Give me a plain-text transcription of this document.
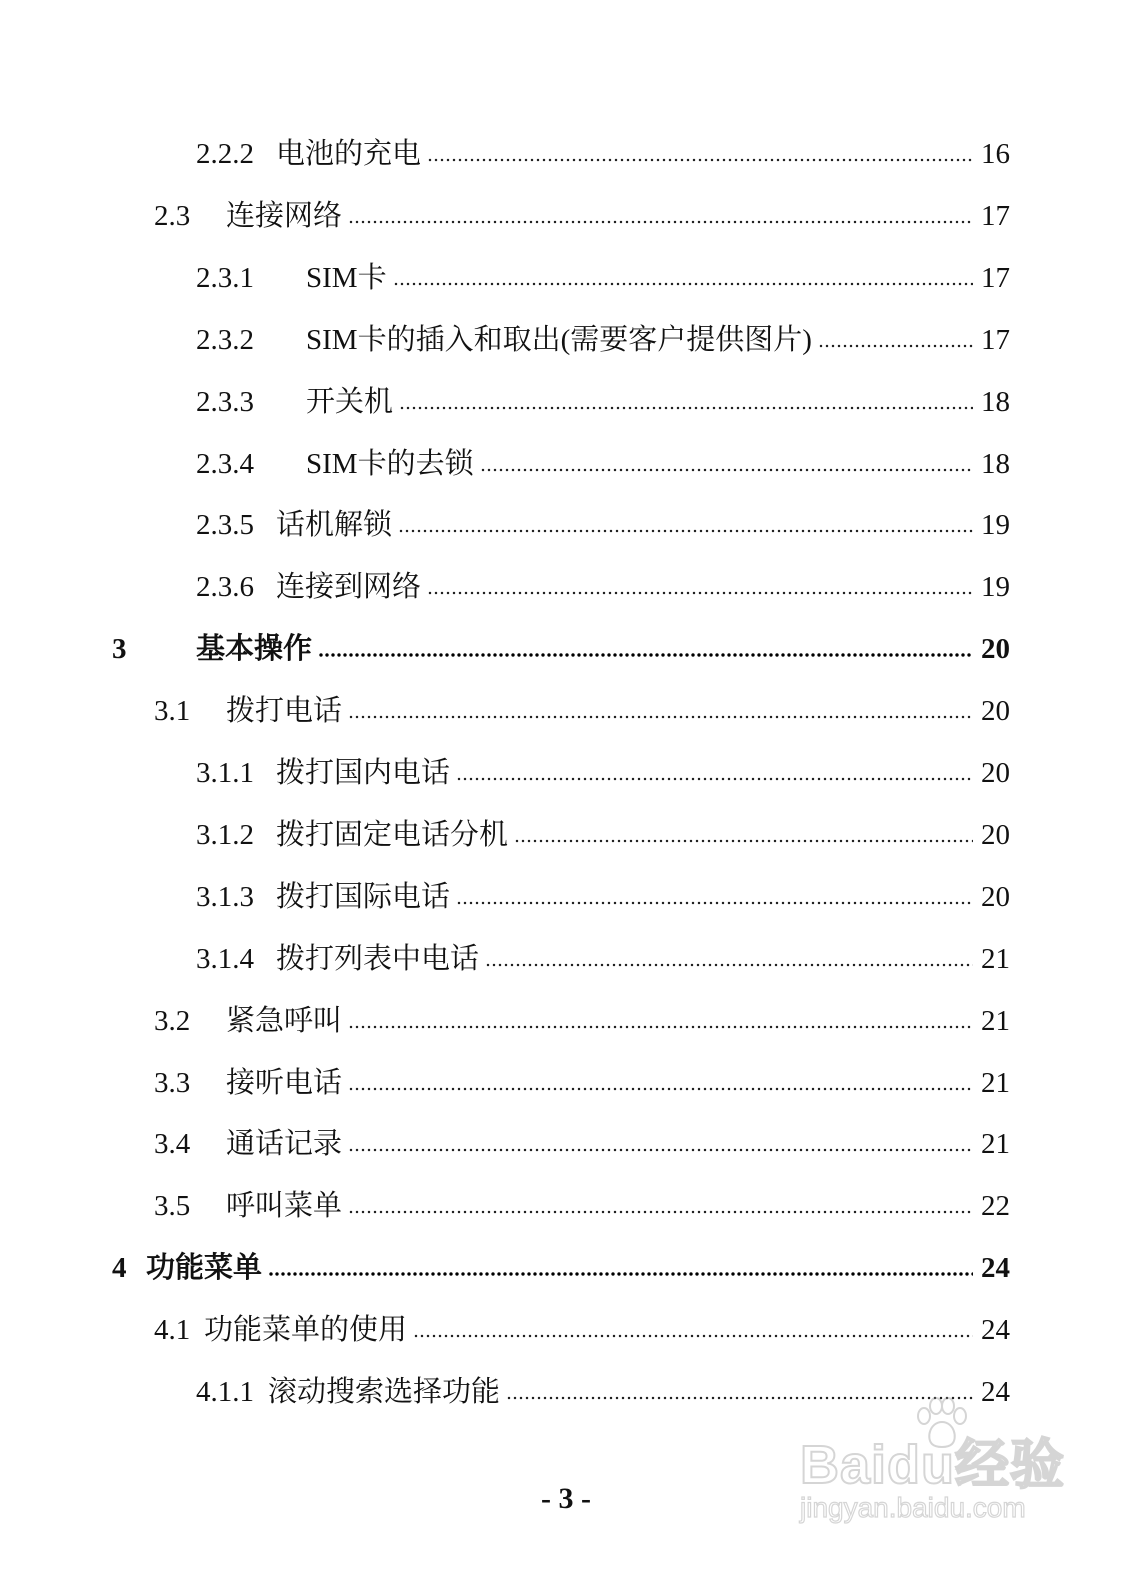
2.2.2 电池的充电	16
2.3	连接网络	17
2.3.1	SIM卡	17
2.3.2	SIM卡的插入和取出(需要客户提供图片)	17
2.3.3	开关机	18
2.3.4	SIM卡的去锁	18
2.3.5 话机解锁	19
2.3.6 连接到网络	19
3	基本操作	20
3.1	拨打电话	20
3.1.1 拨打国内电话	20
3.1.2 拨打固定电话分机	20
3.1.3 拨打国际电话	20
3.1.4 拨打列表中电话	21
3.2	紧急呼叫	21
3.3	接听电话	21
3.4	通话记录	21
3.5	呼叫菜单	22
4 功能菜单	24
4.1 功能菜单的使用	24
4.1.1 滚动搜索选择功能	24
- 3 -
Baidu经验
jingyan.baidu.com
